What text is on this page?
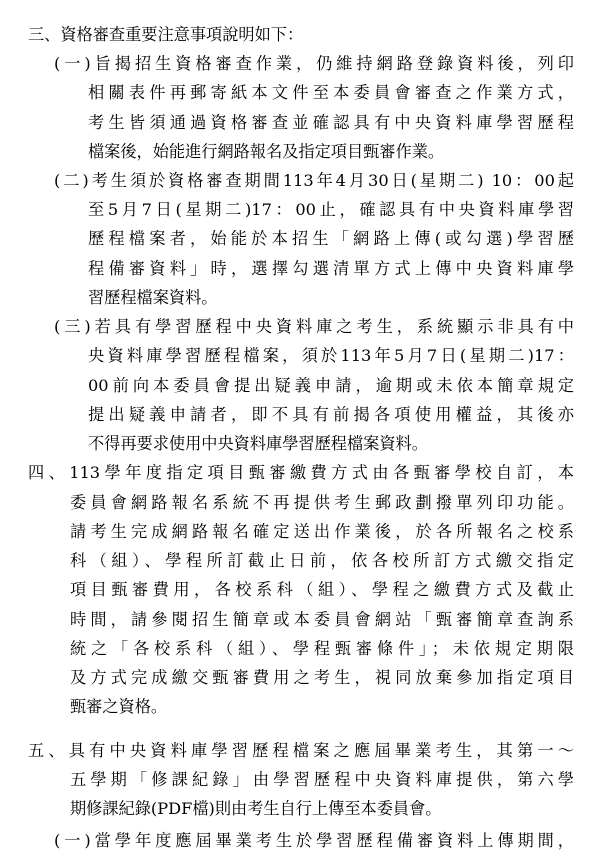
三、資格審查重要注意事項說明如下：
(一)旨揭招生資格審查作業，仍維持網路登錄資料後，列印
相關表件再郵寄紙本文件至本委員會審查之作業方式，
考生皆須通過資格審查並確認具有中央資料庫學習歷程
檔案後，始能進行網路報名及指定項目甄審作業。
(二)考生須於資格審查期間113年4月30日(星期二) 10：00起
至5月7日(星期二)17：00止，確認具有中央資料庫學習
歷程檔案者，始能於本招生「網路上傳(或勾選)學習歷
程備審資料」時，選擇勾選清單方式上傳中央資料庫學
習歷程檔案資料。
(三)若具有學習歷程中央資料庫之考生，系統顯示非具有中
央資料庫學習歷程檔案，須於113年5月7日(星期二)17：
00前向本委員會提出疑義申請，逾期或未依本簡章規定
提出疑義申請者，即不具有前揭各項使用權益，其後亦
不得再要求使用中央資料庫學習歷程檔案資料。
四、113學年度指定項目甄審繳費方式由各甄審學校自訂，本
委員會網路報名系統不再提供考生郵政劃撥單列印功能。
請考生完成網路報名確定送出作業後，於各所報名之校系
科（組）、學程所訂截止日前，依各校所訂方式繳交指定
項目甄審費用，各校系科（組）、學程之繳費方式及截止
時間，請參閱招生簡章或本委員會網站「甄審簡章查詢系
統之「各校系科（組）、學程甄審條件」；未依規定期限
及方式完成繳交甄審費用之考生，視同放棄參加指定項目
甄審之資格。
五、具有中央資料庫學習歷程檔案之應屆畢業考生，其第一～
五學期「修課紀錄」由學習歷程中央資料庫提供，第六學
期修課紀錄(PDF檔)則由考生自行上傳至本委員會。
(一)當學年度應屆畢業考生於學習歷程備審資料上傳期間，
